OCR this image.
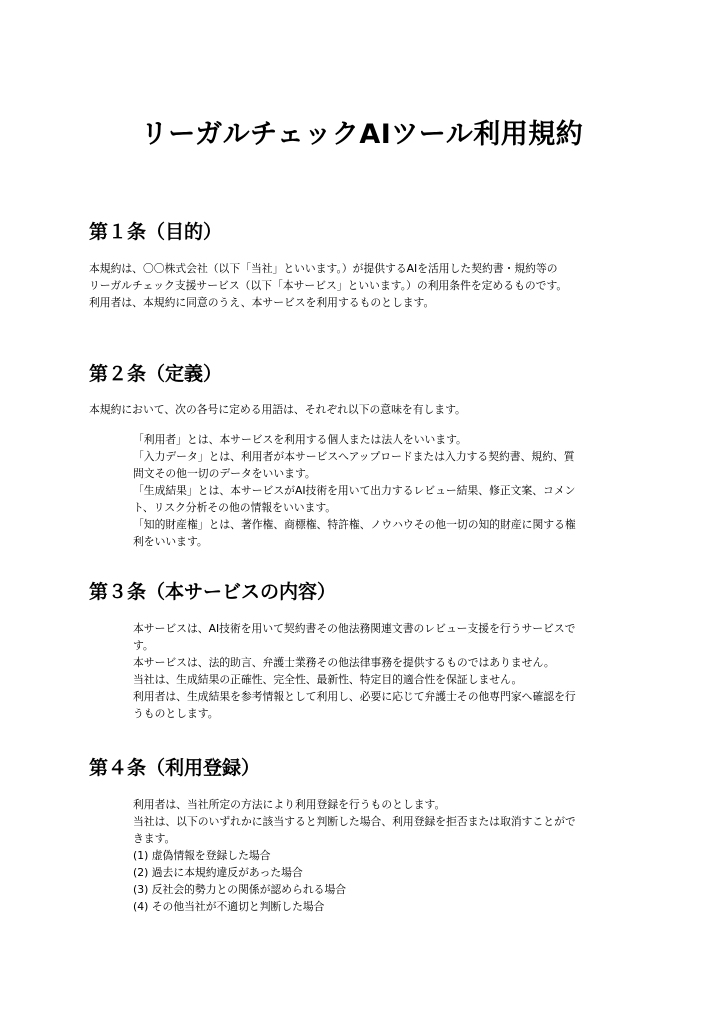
リーガルチェックAIツール利用規約
第１条（目的）
本規約は、〇〇株式会社（以下「当社」といいます。）が提供するAIを活用した契約書・規約等の
リーガルチェック支援サービス（以下「本サービス」といいます。）の利用条件を定めるものです。
利用者は、本規約に同意のうえ、本サービスを利用するものとします。
第２条（定義）

本規約において、次の各号に定める用語は、それぞれ以下の意味を有します。

「利用者」とは、本サービスを利用する個人または法人をいいます。
「入力データ」とは、利用者が本サービスへアップロードまたは入力する契約書、規約、質
問文その他一切のデータをいいます。
「生成結果」とは、本サービスがAI技術を用いて出力するレビュー結果、修正文案、コメン
ト、リスク分析その他の情報をいいます。
「知的財産権」とは、著作権、商標権、特許権、ノウハウその他一切の知的財産に関する権
利をいいます。
第３条（本サービスの内容）
本サービスは、AI技術を用いて契約書その他法務関連文書のレビュー支援を行うサービスで
す。
本サービスは、法的助言、弁護士業務その他法律事務を提供するものではありません。
当社は、生成結果の正確性、完全性、最新性、特定目的適合性を保証しません。
利用者は、生成結果を参考情報として利用し、必要に応じて弁護士その他専門家へ確認を行
うものとします。
第４条（利用登録）
利用者は、当社所定の方法により利用登録を行うものとします。
当社は、以下のいずれかに該当すると判断した場合、利用登録を拒否または取消すことがで
きます。
(1) 虚偽情報を登録した場合
(2) 過去に本規約違反があった場合
(3) 反社会的勢力との関係が認められる場合
(4) その他当社が不適切と判断した場合
